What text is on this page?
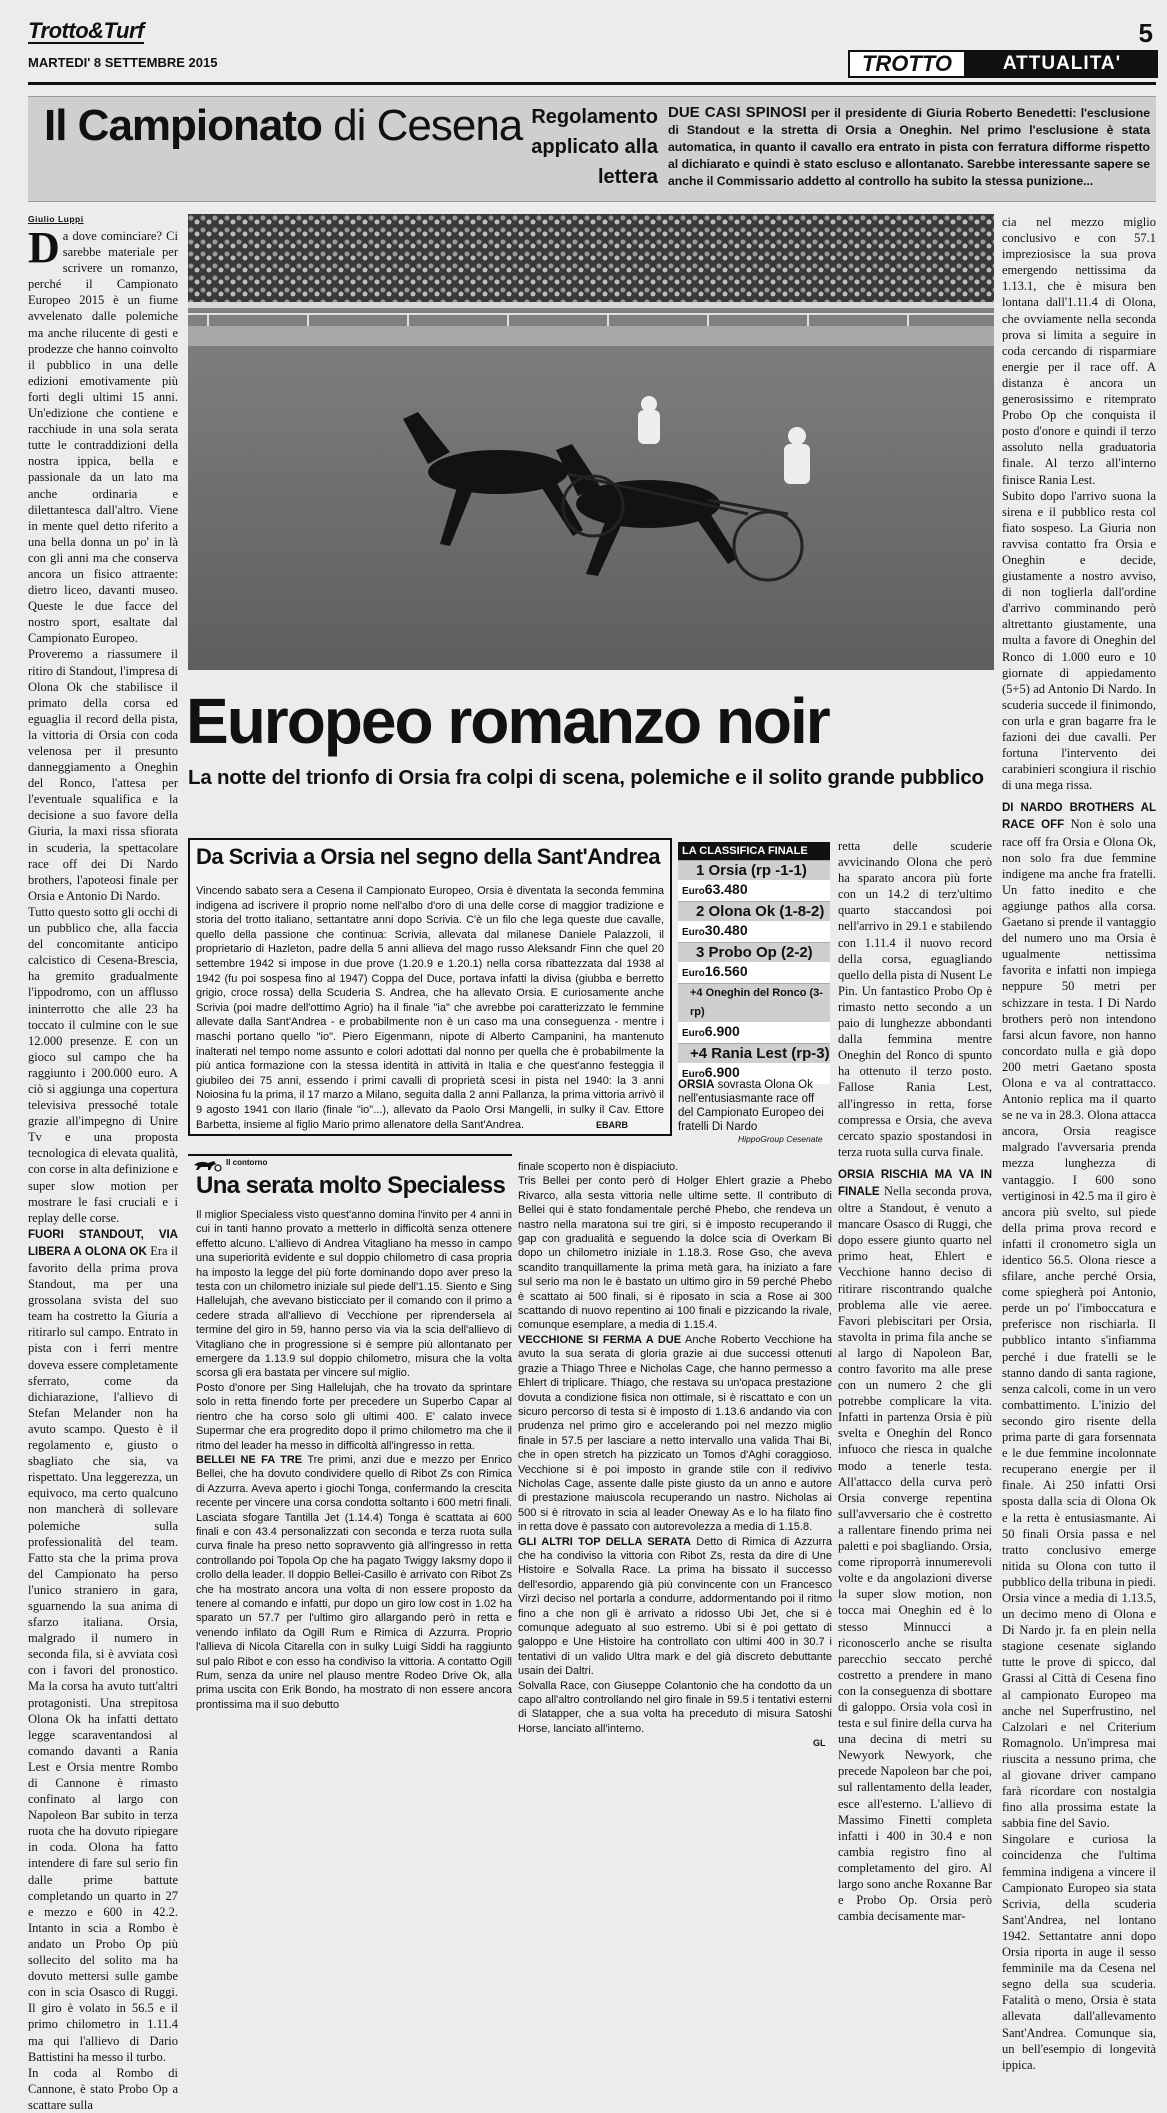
Trotto&Turf	5
MARTEDI' 8 SETTEMBRE 2015	TROTTO	ATTUALITA'
Il Campionato di Cesena Regolamento applicato alla lettera
DUE CASI SPINOSI per il presidente di Giuria Roberto Benedetti: l'esclusione di Standout e la stretta di Orsia a Oneghin. Nel primo l'esclusione è stata automatica, in quanto il cavallo era entrato in pista con ferratura difforme rispetto al dichiarato e quindi è stato escluso e allontanato. Sarebbe interessante sapere se anche il Commissario addetto al controllo ha subito la stessa punizione...
Giulio Luppi

Da dove cominciare? Ci sarebbe materiale per scrivere un romanzo, perché il Campionato Europeo 2015 è un fiume avvelenato dalle polemiche ma anche rilucente di gesti e prodezze che hanno coinvolto il pubblico in una delle edizioni emotivamente più forti degli ultimi 15 anni. Un'edizione che contiene e racchiude in una sola serata tutte le contraddizioni della nostra ippica, bella e passionale da un lato ma anche ordinaria e dilettantesca dall'altro. Viene in mente quel detto riferito a una bella donna un po' in là con gli anni ma che conserva ancora un fisico attraente: dietro liceo, davanti museo. Queste le due facce del nostro sport, esaltate dal Campionato Europeo.

Proveremo a riassumere il ritiro di Standout, l'impresa di Olona Ok che stabilisce il primato della corsa ed eguaglia il record della pista, la vittoria di Orsia con coda velenosa per il presunto danneggiamento a Oneghin del Ronco, l'attesa per l'eventuale squalifica e la decisione a suo favore della Giuria, la maxi rissa sfiorata in scuderia, la spettacolare race off dei Di Nardo brothers, l'apoteosi finale per Orsia e Antonio Di Nardo.

Tutto questo sotto gli occhi di un pubblico che, alla faccia del concomitante anticipo calcistico di Cesena-Brescia, ha gremito gradualmente l'ippodromo, con un afflusso ininterrotto che alle 23 ha toccato il culmine con le sue 12.000 presenze. E con un gioco sul campo che ha raggiunto i 200.000 euro. A ciò si aggiunga una copertura televisiva pressoché totale grazie all'impegno di Unire Tv e una proposta tecnologica di elevata qualità, con corse in alta definizione e super slow motion per mostrare le fasi cruciali e i replay delle corse.

FUORI STANDOUT, VIA LIBERA A OLONA OK Era il favorito della prima prova Standout, ma per una grossolana svista del suo team ha costretto la Giuria a ritirarlo sul campo. Entrato in pista con i ferri mentre doveva essere completamente sferrato, come da dichiarazione, l'allievo di Stefan Melander non ha avuto scampo. Questo è il regolamento e, giusto o sbagliato che sia, va rispettato. Una leggerezza, un equivoco, ma certo qualcuno non mancherà di sollevare polemiche sulla professionalità del team. Fatto sta che la prima prova del Campionato ha perso l'unico straniero in gara, sguarnendo la sua anima di sfarzo italiana. Orsia, malgrado il numero in seconda fila, si è avviata così con i favori del pronostico. Ma la corsa ha avuto tutt'altri protagonisti. Una strepitosa Olona Ok ha infatti dettato legge scaraventandosi al comando davanti a Rania Lest e Orsia mentre Rombo di Cannone è rimasto confinato al largo con Napoleon Bar subito in terza ruota che ha dovuto ripiegare in coda. Olona ha fatto intendere di fare sul serio fin dalle prime battute completando un quarto in 27 e mezzo e 600 in 42.2. Intanto in scia a Rombo è andato un Probo Op più sollecito del solito ma ha dovuto mettersi sulle gambe con in scia Osasco di Ruggi. Il giro è volato in 56.5 e il primo chilometro in 1.11.4 ma qui l'allievo di Dario Battistini ha messo il turbo.

In coda al Rombo di Cannone, è stato Probo Op a scattare sulla

Europeo romanzo noir
La notte del trionfo di Orsia fra colpi di scena, polemiche e il solito grande pubblico

retta delle scuderie avvicinando Olona che però ha sparato ancora più forte con un 14.2 di terz'ultimo quarto staccandosi poi nell'arrivo in 29.1 e stabilendo con 1.11.4 il nuovo record della corsa, eguagliando quello della pista di Nusent Le Pin. Un fantastico Probo Op è rimasto netto secondo a un paio di lunghezze abbondanti dalla femmina mentre Oneghin del Ronco di spunto ha ottenuto il terzo posto. Fallose Rania Lest, all'ingresso in retta, forse compressa e Orsia, che aveva cercato spazio spostandosi in terza ruota sulla curva finale.

ORSIA RISCHIA MA VA IN FINALE Nella seconda prova, oltre a Standout, è venuto a mancare Osasco di Ruggi, che dopo essere giunto quarto nel primo heat, Ehlert e Vecchione hanno deciso di ritirare riscontrando qualche problema alle vie aeree. Favori plebiscitari per Orsia, stavolta in prima fila anche se al largo di Napoleon Bar, contro favorito ma alle prese con un numero 2 che gli potrebbe complicare la vita. Infatti in partenza Orsia è più svelta e Oneghin del Ronco infuoco che riesca in qualche modo a tenerle testa. All'attacco della curva però Orsia converge repentina sull'avversario che è costretto a rallentare finendo prima nei paletti e poi sbagliando. Orsia, come riproporrà innumerevoli volte e da angolazioni diverse la super slow motion, non tocca mai Oneghin ed è lo stesso Minnucci a riconoscerlo anche se risulta parecchio seccato perché costretto a prendere in mano con la conseguenza di sbottare di galoppo. Orsia vola così in testa e sul finire della curva ha una decina di metri su Newyork Newyork, che precede Napoleon bar che poi, sul rallentamento della leader, esce all'esterno. L'allievo di Massimo Finetti completa infatti i 400 in 30.4 e non cambia registro fino al completamento del giro. Al largo sono anche Roxanne Bar e Probo Op. Orsia però cambia decisamente mar-

cia nel mezzo miglio conclusivo e con 57.1 impreziosisce la sua prova emergendo nettissima da 1.13.1, che è misura ben lontana dall'1.11.4 di Olona, che ovviamente nella seconda prova si limita a seguire in coda cercando di risparmiare energie per il race off. A distanza è ancora un generosissimo e ritemprato Probo Op che conquista il posto d'onore e quindi il terzo assoluto nella graduatoria finale. Al terzo all'interno finisce Rania Lest.

Subito dopo l'arrivo suona la sirena e il pubblico resta col fiato sospeso. La Giuria non ravvisa contatto fra Orsia e Oneghin e decide, giustamente a nostro avviso, di non toglierla dall'ordine d'arrivo comminando però altrettanto giustamente, una multa a favore di Oneghin del Ronco di 1.000 euro e 10 giornate di appiedamento (5+5) ad Antonio Di Nardo. In scuderia succede il finimondo, con urla e gran bagarre fra le fazioni dei due cavalli. Per fortuna l'intervento dei carabinieri scongiura il rischio di una mega rissa.

DI NARDO BROTHERS AL RACE OFF Non è solo una race off fra Orsia e Olona Ok, non solo fra due femmine indigene ma anche fra fratelli. Un fatto inedito e che aggiunge pathos alla corsa. Gaetano si prende il vantaggio del numero uno ma Orsia è ugualmente nettissima favorita e infatti non impiega neppure 50 metri per schizzare in testa. I Di Nardo brothers però non intendono farsi alcun favore, non hanno concordato nulla e già dopo 200 metri Gaetano sposta Olona e va al contrattacco. Antonio replica ma il quarto se ne va in 28.3. Olona attacca ancora, Orsia reagisce malgrado l'avversaria prenda mezza lunghezza di vantaggio. I 600 sono vertiginosi in 42.5 ma il giro è ancora più svelto, sul piede della prima prova record e infatti il cronometro sigla un identico 56.5. Olona riesce a sfilare, anche perché Orsia, come spiegherà poi Antonio, perde un po' l'imboccatura e preferisce non rischiarla. Il pubblico intanto s'infiamma perché i due fratelli se le stanno dando di santa ragione, senza calcoli, come in un vero combattimento. L'inizio del secondo giro risente della prima parte di gara forsennata e le due femmine incolonnate recuperano energie per il finale. Ai 250 infatti Orsi sposta dalla scia di Olona Ok e la retta è entusiasmante. Ai 50 finali Orsia passa e nel tratto conclusivo emerge nitida su Olona con tutto il pubblico della tribuna in piedi. Orsia vince a media di 1.13.5, un decimo meno di Olona e Di Nardo jr. fa en plein nella stagione cesenate siglando tutte le prove di spicco, dal Grassi al Città di Cesena fino al campionato Europeo ma anche nel Superfrustino, nel Calzolari e nel Criterium Romagnolo. Un'impresa mai riuscita a nessuno prima, che al giovane driver campano farà ricordare con nostalgia fino alla prossima estate la sabbia fine del Savio.

Singolare e curiosa la coincidenza che l'ultima femmina indigena a vincere il Campionato Europeo sia stata Scrivia, della scuderia Sant'Andrea, nel lontano 1942. Settantatre anni dopo Orsia riporta in auge il sesso femminile ma da Cesena nel segno della sua scuderia. Fatalità o meno, Orsia è stata allevata dall'allevamento Sant'Andrea. Comunque sia, un bell'esempio di longevità ippica.

Da Scrivia a Orsia nel segno della Sant'Andrea
Vincendo sabato sera a Cesena il Campionato Europeo, Orsia è diventata la seconda femmina indigena ad iscrivere il proprio nome nell'albo d'oro di una delle corse di maggior tradizione e storia del trotto italiano, settantatre anni dopo Scrivia. C'è un filo che lega queste due cavalle, quello della passione che continua: Scrivia, allevata dal milanese Daniele Palazzoli, il proprietario di Hazleton, padre della 5 anni allieva del mago russo Aleksandr Finn che quel 20 settembre 1942 si impose in due prove (1.20.9 e 1.20.1) nella corsa ribattezzata dal 1938 al 1942 (fu poi sospesa fino al 1947) Coppa del Duce, portava infatti la divisa (giubba e berretto grigio, croce rossa) della Scuderia S. Andrea, che ha allevato Orsia. E curiosamente anche Scrivia (poi madre dell'ottimo Agrio) ha il finale "ia" che avrebbe poi caratterizzato le femmine allevate dalla Sant'Andrea - e probabilmente non è un caso ma una conseguenza - mentre i maschi portano quello "io". Piero Eigenmann, nipote di Alberto Campanini, ha mantenuto inalterati nel tempo nome assunto e colori adottati dal nonno per quella che è probabilmente la più antica formazione con la stessa identità in attività in Italia e che quest'anno festeggia il giubileo dei 75 anni, essendo i primi cavalli di proprietà scesi in pista nel 1940: la 3 anni Noiosina fu la prima, il 17 marzo a Milano, seguita dalla 2 anni Pallanza, la prima vittoria arrivò il 9 agosto 1941 con Ilario (finale "io"...), allevato da Paolo Orsi Mangelli, in sulky il Cav. Ettore Barbetta, insieme al figlio Mario primo allenatore della Sant'Andrea.	EBARB
LA CLASSIFICA FINALE
1 Orsia (rp -1-1)
Euro63.480
2 Olona Ok (1-8-2)
Euro30.480
3 Probo Op (2-2)
Euro16.560
+4 Oneghin del Ronco (3-rp)
Euro6.900
+4 Rania Lest (rp-3)
Euro6.900
ORSIA sovrasta Olona Ok nell'entusiasmante race off del Campionato Europeo dei fratelli Di Nardo
HippoGroup Cesenate
Il contorno
Una serata molto Specialess

Il miglior Specialess visto quest'anno domina l'invito per 4 anni in cui in tanti hanno provato a metterlo in difficoltà senza ottenere effetto alcuno. L'allievo di Andrea Vitagliano ha messo in campo una superiorità evidente e sul doppio chilometro di casa propria ha imposto la legge del più forte dominando dopo aver preso la testa con un chilometro iniziale sul piede dell'1.15. Siento e Sing Hallelujah, che avevano bisticciato per il comando con il primo a cedere strada all'allievo di Vecchione per riprendersela al termine del giro in 59, hanno perso via via la scia dell'allievo di Vitagliano che in progressione si è sempre più allontanato per emergere da 1.13.9 sul doppio chilometro, misura che la volta scorsa gli era bastata per vincere sul miglio.

Posto d'onore per Sing Hallelujah, che ha trovato da sprintare solo in retta finendo forte per precedere un Superbo Capar al rientro che ha corso solo gli ultimi 400. E' calato invece Supermar che era progredito dopo il primo chilometro ma che il ritmo del leader ha messo in difficoltà all'ingresso in retta.

BELLEI NE FA TRE Tre primi, anzi due e mezzo per Enrico Bellei, che ha dovuto condividere quello di Ribot Zs con Rimica di Azzurra. Aveva aperto i giochi Tonga, confermando la crescita recente per vincere una corsa condotta soltanto i 600 metri finali. Lasciata sfogare Tantilla Jet (1.14.4) Tonga è scattata ai 600 finali e con 43.4 personalizzati con seconda e terza ruota sulla curva finale ha preso netto sopravvento già all'ingresso in retta controllando poi Topola Op che ha pagato Twiggy Iaksmy dopo il crollo della leader. Il doppio Bellei-Casillo è arrivato con Ribot Zs che ha mostrato ancora una volta di non essere proposto da tenere al comando e infatti, pur dopo un giro low cost in 1.02 ha sparato un 57.7 per l'ultimo giro allargando però in retta e venendo infilato da Ogill Rum e Rimica di Azzurra. Proprio l'allieva di Nicola Citarella con in sulky Luigi Siddi ha raggiunto sul palo Ribot e con esso ha condiviso la vittoria. A contatto Ogill Rum, senza da unire nel plauso mentre Rodeo Drive Ok, alla prima uscita con Erik Bondo, ha mostrato di non essere ancora prontissima ma il suo debutto

finale scoperto non è dispiaciuto.

Tris Bellei per conto però di Holger Ehlert grazie a Phebo Rivarco, alla sesta vittoria nelle ultime sette. Il contributo di Bellei qui è stato fondamentale perché Phebo, che rendeva un nastro nella maratona sui tre giri, si è imposto recuperando il gap con gradualità e seguendo la dolce scia di Overkam Bi dopo un chilometro iniziale in 1.18.3. Rose Gso, che aveva scandito tranquillamente la prima metà gara, ha iniziato a fare sul serio ma non le è bastato un ultimo giro in 59 perché Phebo è scattato ai 500 finali, si è riposato in scia a Rose ai 300 scattando di nuovo repentino ai 100 finali e pizzicando la rivale, comunque esemplare, a media di 1.15.4.

VECCHIONE SI FERMA A DUE Anche Roberto Vecchione ha avuto la sua serata di gloria grazie ai due successi ottenuti grazie a Thiago Three e Nicholas Cage, che hanno permesso a Ehlert di triplicare. Thiago, che restava su un'opaca prestazione dovuta a condizione fisica non ottimale, si è riscattato e con un sicuro percorso di testa si è imposto di 1.13.6 andando via con prudenza nel primo giro e accelerando poi nel mezzo miglio finale in 57.5 per lasciare a netto intervallo una valida Thai Bi, che in open stretch ha pizzicato un Tomos d'Aghi coraggioso. Vecchione si è poi imposto in grande stile con il redivivo Nicholas Cage, assente dalle piste giusto da un anno e autore di prestazione maiuscola recuperando un nastro. Nicholas ai 500 si è ritrovato in scia al leader Oneway As e lo ha filato fino in retta dove è passato con autorevolezza a media di 1.15.8.

GLI ALTRI TOP DELLA SERATA Detto di Rimica di Azzurra che ha condiviso la vittoria con Ribot Zs, resta da dire di Une Histoire e Solvalla Race. La prima ha bissato il successo dell'esordio, apparendo già più convincente con un Francesco Virzì deciso nel portarla a condurre, addormentando poi il ritmo fino a che non gli è arrivato a ridosso Ubi Jet, che si è comunque adeguato al suo estremo. Ubi si è poi gettato di galoppo e Une Histoire ha controllato con ultimi 400 in 30.7 i tentativi di un valido Ultra mark e del già discreto debuttante usain dei Daltri.

Solvalla Race, con Giuseppe Colantonio che ha condotto da un capo all'altro controllando nel giro finale in 59.5 i tentativi esterni di Slatapper, che a sua volta ha preceduto di misura Satoshi Horse, lanciato all'interno.

GL
